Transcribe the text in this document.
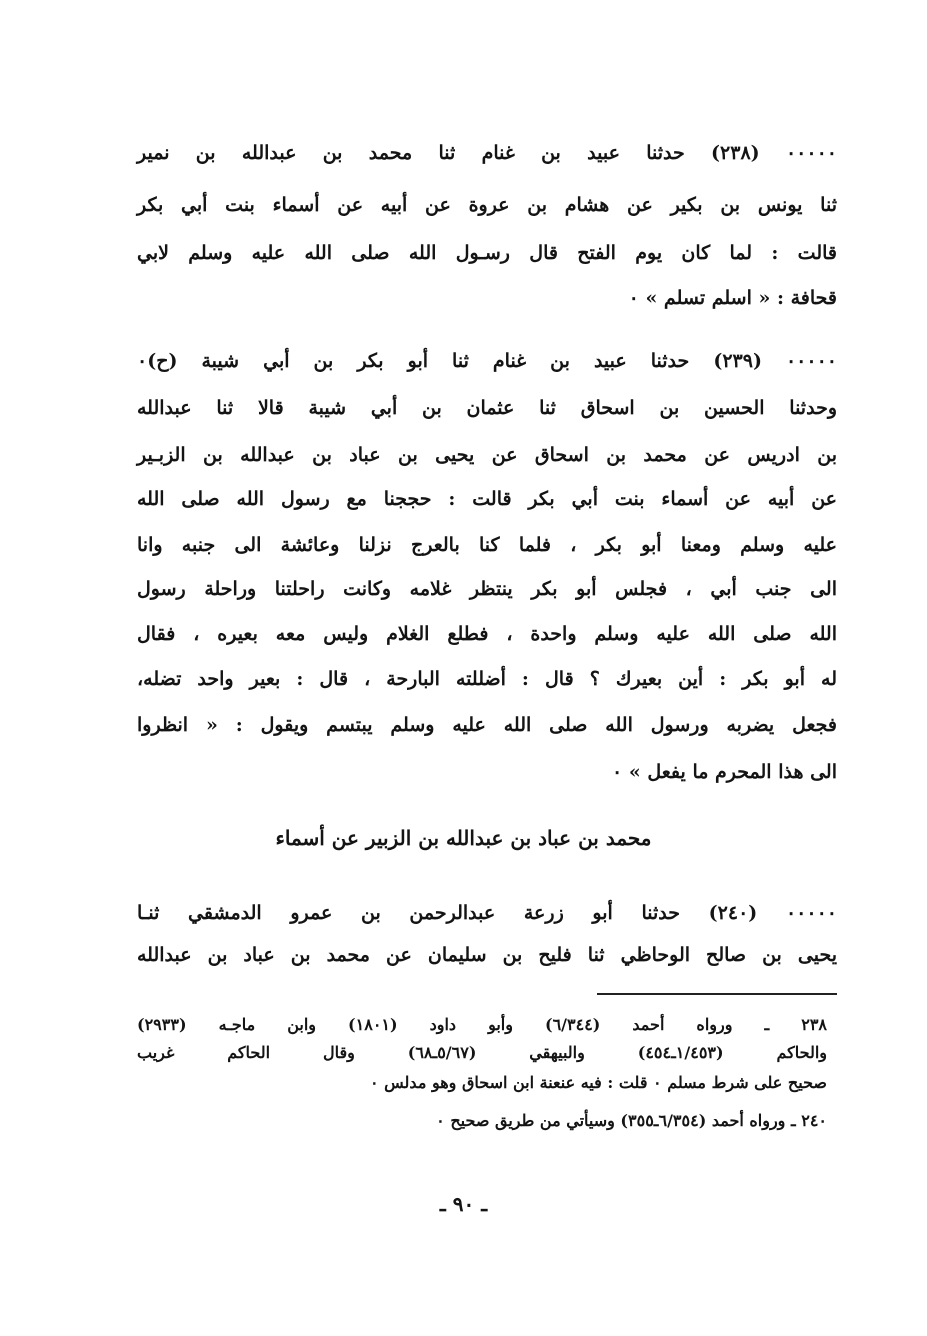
۰۰۰۰۰ (۲۳۸) حدثنا عبيد بن غنام ثنا محمد بن عبدالله بن نمير
ثنا يونس بن بكير عن هشام بن عروة عن أبيه عن أسماء بنت أبي بكر
قالت : لما كان يوم الفتح قال رسـول الله صلى الله عليه وسلم لابي
قحافة : « اسلم تسلم » ۰
۰۰۰۰۰ (۲۳۹) حدثنا عبيد بن غنام ثنا أبو بكر بن أبي شيبة (ح)۰
وحدثنا الحسين بن اسحاق ثنا عثمان بن أبي شيبة قالا ثنا عبدالله
بن ادريس عن محمد بن اسحاق عن يحيى بن عباد بن عبدالله بن الزبـير
عن أبيه عن أسماء بنت أبي بكر قالت : حججنا مع رسول الله صلى الله
عليه وسلم ومعنا أبو بكر ، فلما كنا بالعرج نزلنا وعائشة الى جنبه وانا
الى جنب أبي ، فجلس أبو بكر ينتظر غلامه وكانت راحلتنا وراحلة رسول
الله صلى الله عليه وسلم واحدة ، فطلع الغلام وليس معه بعيره ، فقال
له أبو بكر : أين بعيرك ؟ قال : أضللته البارحة ، قال : بعير واحد تضله،
فجعل يضربه ورسول الله صلى الله عليه وسلم يبتسم ويقول : « انظروا
الى هذا المحرم ما يفعل » ۰
محمد بن عباد بن عبدالله بن الزبير عن أسماء
۰۰۰۰۰ (۲٤۰) حدثنا أبو زرعة عبدالرحمن بن عمرو الدمشقي ثنـا
يحيى بن صالح الوحاظي ثنا فليح بن سليمان عن محمد بن عباد بن عبدالله
۲۳۸ ـ ورواه أحمد (٦/٣٤٤) وأبو داود (۱۸۰۱) وابن ماجـه (۲۹۳۳)
والحاكم (١/٤٥٣ـ٤٥٤) والبيهقي (٥/٦٧ـ٦٨) وقال الحاكم غريب
صحيح على شرط مسلم ۰ قلت : فيه عنعنة ابن اسحاق وهو مدلس ۰
۲٤۰ ـ ورواه أحمد (٦/٣٥٤ـ٣٥٥) وسيأتي من طريق صحيح ۰
ـ ۹۰ ـ
